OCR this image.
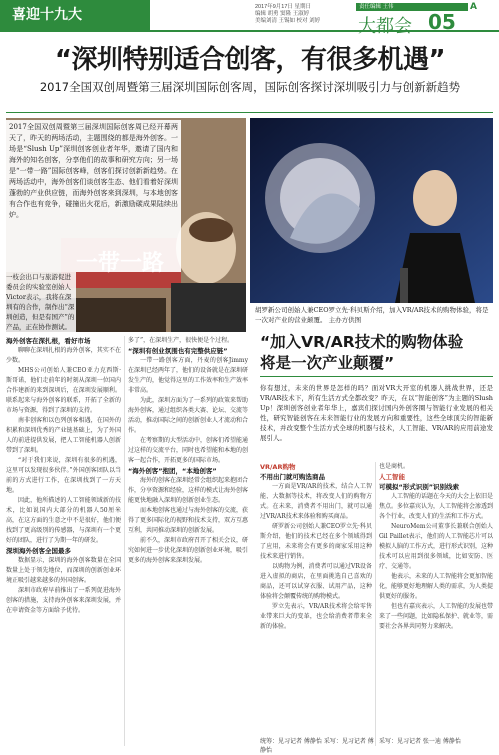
喜迎十九大	2017年9月17日 星期日
编辑 胡勇 窦隆 王淑婷
美编刘清 王锡如 校对 刘婷
责任编辑 王伟	A
大都会 05
“深圳特别适合创客，有很多机遇”
2017全国双创周暨第三届深圳国际创客周，国际创客探讨深圳吸引力与创新新趋势
2017全国双创周暨第三届深圳国际创客周已经开幕两天了，昨天的两场活动，主题围绕的都是海外创客。一场是“Slush Up”深圳创客创业者年华，邀请了国内和海外的知名创客，分享他们的故事和研究方向；另一场是“一带一路”国际创客峰，创客们探讨创新新趋势。在两场活动中，海外创客们谈创客生态、他们看着好深圳蓬勃的产业供应链，而海外创客来到深圳，与本地创客有合作也有竞争，碰撞出火花后，新激励碳成果陆续出炉。
一枝会出口与旅游促进委员会的实验室创始人Victor表示，我将在深圳有的合作，制作出“深圳创造，但是有国产”的产品，正在协作测试。
胡罗新公司创始人兼CEO罗立先·科贝斯介绍，加入VR/AR技术的购物体验，将是一次对产业的营业颠覆。 主办方供图
“加入VR/AR技术的购物体验
将是一次产业颠覆”
你有想过，未来的世界是怎样的吗？面对VR大开室的机器人挑战世界，还是VR/AR技术下，所有生活方式全都改变？昨天，在以“智能创客”为主题的Slush Up！深圳创客创业者年华上，嘉宾们探讨国内外创客圈与智能行业发展的相关性，研究智能创客在未来智能行业的发展方向和重要性，这些全球顶尖的智能新技术，并改变整个生活方式全球的机器与技术，人工智能、VR/AR的应用前途发展引人。
海外创客在深扎根，看好市场

聊聊在深圳扎根的海外创客，其实不在少数。

MHS公司创始人兼CEO亚力克西斯·斯哥诺，他们走前年的时刻从深圳一位国内合作建新的来到深圳后，在深圳发展顺利。联系起来与海外创客的联系，开拓了全新的市场与资源，得到了深圳的支持。

南非创客和以色列创客相遇，在国外的积累和深圳优秀的产业链基础上，为了外国人的前进提供发展，把人工智能机器人创新带到了深圳。

“对于我们来说，深圳有很多的机遇，这里可以发现很多伙伴。”外国创客团队以当前的方式进行工作，在深圳找到了一方天地。

因此，他所描述的人工智能领域新的技术，比如说国内大部分的机器人50厘米高，在这方面的生意之中不是很好，他们便找到了更高级别的传感器，与深圳有一个更好的团队，进行了为期一年的研发。

深圳海外创客全国最多

数据显示，深圳的海外创客数量在全国数量上处于领先地位，而深圳的创新创业环境正吸引越来越多的外国创客。

深圳市政府早前推出了一系列促进海外创客的措施，支持海外创客来深圳发展，并在申请资金等方面给予优待。

多了”，在深圳生产，很快便是个过程。

“深圳有创业氛围也有完整供应链”

一带一路创客方面，丹麦的创客Jimmy在深圳已经两年了，他们的设备就是在深圳研发生产的，他觉得这里的工作效率和生产效率非常高。

为此，深圳方面为了一系列的政策来帮助海外创客，通过组织各类大赛、论坛、交流等活动，推动国际之间的创新创业人才流动和合作。

在考察期的大型活动中，创客们希望能通过这样的交流平台，同时也希望能和本地的创客一起合作，开拓更多的国际市场。

“海外创客”抱团，“本地创客”

海外的创客在深圳经常会组织起来抱团合作，分享资源和经验，这样的模式让海外创客能更快地融入深圳的创新创业生态。

而本地创客也通过与海外创客的交流，获得了更多国际化的视野和技术支持，双方互惠互利，共同推动深圳的创新发展。

前不久，深圳市政府召开了相关会议，研究如何进一步优化深圳的创新创业环境，吸引更多的海外创客来深圳发展。

VR/AR购物
不用出门就可购选商品

一方面是VR/AR的技术，结合人工智能、大数据等技术，将改变人们的购物方式。在未来，消费者不用出门，就可以通过VR/AR技术来体验和购买商品。

研罗新公司创始人兼CEO罗立先·科贝斯介绍，他们的技术已经在多个领域得到了应用，未来将会有更多的商家采用这种技术来进行销售。

以购物为例，消费者可以通过VR设备进入虚拟的商店，在里面挑选自己喜欢的商品，还可以试穿衣服、试用产品，这种体验将会颠覆传统的购物模式。

罗立先表示，VR/AR技术将会给零售业带来巨大的变革，也会给消费者带来全新的体验。

统筹：见习记者 傅静怡 采写：见习记者 傅静怡

也是商机。

人工智能
可模拟“形式识别”识别线索

人工智能的话题在今天的大会上依旧是焦点。多位嘉宾认为，人工智能将会渗透到各个行业，改变人们的生活和工作方式。

NeuroMem公司董事长兼联合创始人Gil Paillet表示，他们的人工智能芯片可以模拟人脑的工作方式，进行形式识别，这种技术可以应用到很多领域，比如安防、医疗、交通等。

他表示，未来的人工智能将会更加智能化，能够更好地理解人类的需求，为人类提供更好的服务。

但也有嘉宾表示，人工智能的发展也带来了一些问题，比如隐私保护、就业等，需要社会各界共同努力来解决。

采写：见习记者 张一迪 傅静怡
